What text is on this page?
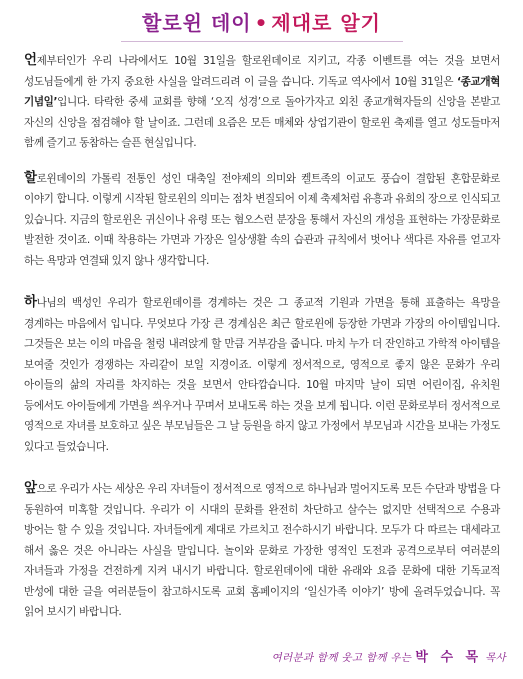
할로윈 데이 • 제대로 알기

언제부터인가 우리 나라에서도 10월 31일을 할로윈데이로 지키고, 각종 이벤트를 여는 것을 보면서 성도님들에게 한 가지 중요한 사실을 알려드리려 이 글을 씁니다. 기독교 역사에서 10월 31일은 ‘종교개혁 기념일’입니다. 타락한 중세 교회를 향해 ‘오직 성경’으로 돌아가자고 외친 종교개혁자들의 신앙을 본받고 자신의 신앙을 점검해야 할 날이죠. 그런데 요즘은 모든 매체와 상업기관이 할로윈 축제를 열고 성도들마저 함께 즐기고 동참하는 슬픈 현실입니다.

할로윈데이의 가톨릭 전통인 성인 대축일 전야제의 의미와 켈트족의 이교도 풍습이 결합된 혼합문화로 이야기 합니다. 이렇게 시작된 할로윈의 의미는 점차 변질되어 이제 축제처럼 유흥과 유희의 장으로 인식되고 있습니다. 지금의 할로윈은 귀신이나 유령 또는 혐오스런 분장을 통해서 자신의 개성을 표현하는 가장문화로 발전한 것이죠. 이때 착용하는 가면과 가장은 일상생활 속의 습관과 규칙에서 벗어나 색다른 자유를 얻고자 하는 욕망과 연결돼 있지 않나 생각합니다.

하나님의 백성인 우리가 할로윈데이를 경계하는 것은 그 종교적 기원과 가면을 통해 표출하는 욕망을 경계하는 마음에서 입니다. 무엇보다 가장 큰 경계심은 최근 할로윈에 등장한 가면과 가장의 아이템입니다. 그것들은 보는 이의 마음을 철렁 내려앉게 할 만큼 거부감을 줍니다. 마치 누가 더 잔인하고 가학적 아이템을 보여줄 것인가 경쟁하는 자리같이 보일 지경이죠. 이렇게 정서적으로, 영적으로 좋지 않은 문화가 우리 아이들의 삶의 자리를 차지하는 것을 보면서 안타깝습니다. 10월 마지막 날이 되면 어린이집, 유치원 등에서도 아이들에게 가면을 씌우거나 꾸며서 보내도록 하는 것을 보게 됩니다. 이런 문화로부터 정서적으로 영적으로 자녀를 보호하고 싶은 부모님들은 그 날 등원을 하지 않고 가정에서 부모님과 시간을 보내는 가정도 있다고 들었습니다.

앞으로 우리가 사는 세상은 우리 자녀들이 정서적으로 영적으로 하나님과 멀어지도록 모든 수단과 방법을 다 동원하여 미혹할 것입니다. 우리가 이 시대의 문화를 완전히 차단하고 살수는 없지만 선택적으로 수용과 방어는 할 수 있을 것입니다. 자녀들에게 제대로 가르치고 전수하시기 바랍니다. 모두가 다 따르는 대세라고 해서 옳은 것은 아니라는 사실을 말입니다. 놀이와 문화로 가장한 영적인 도전과 공격으로부터 여러분의 자녀들과 가정을 건전하게 지켜 내시기 바랍니다. 할로윈데이에 대한 유래와 요즘 문화에 대한 기독교적 반성에 대한 글을 여러분들이 참고하시도록 교회 홈페이지의 ‘일신가족 이야기’ 방에 올려두었습니다. 꼭 읽어 보시기 바랍니다.

여러분과 함께 웃고 함께 우는 박 수 목 목사
